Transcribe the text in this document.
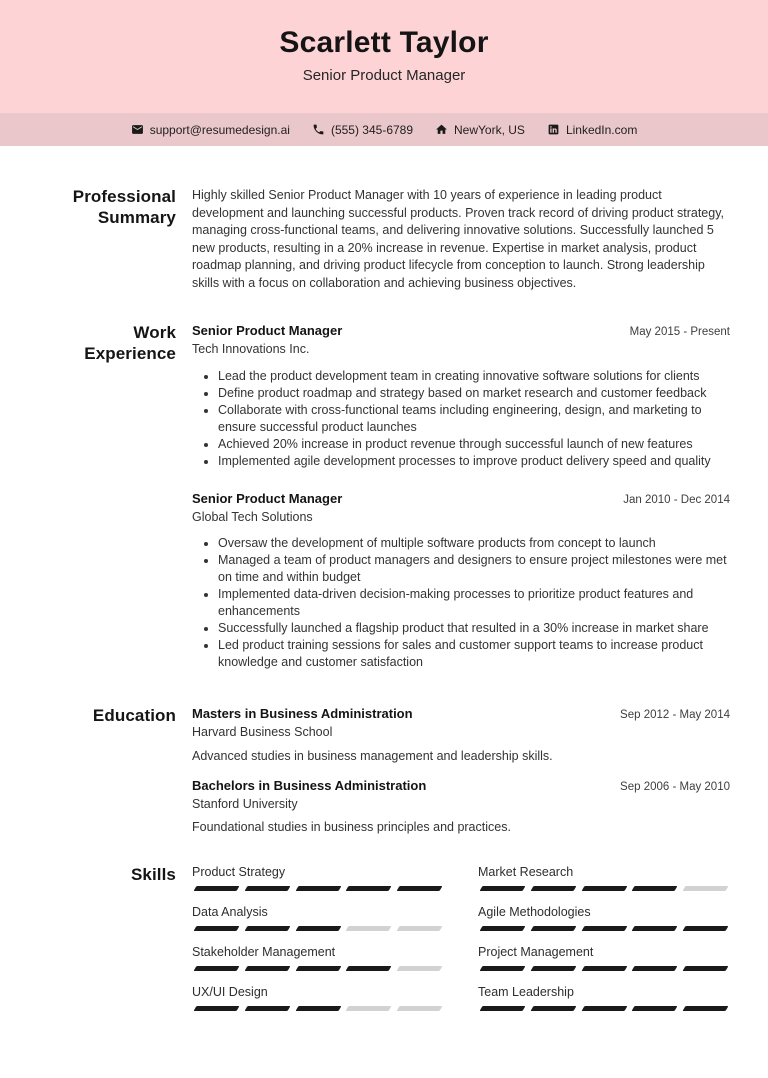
Scarlett Taylor
Senior Product Manager
support@resumedesign.ai	(555) 345-6789	NewYork, US	LinkedIn.com
Professional Summary

Highly skilled Senior Product Manager with 10 years of experience in leading product development and launching successful products. Proven track record of driving product strategy, managing cross-functional teams, and delivering innovative solutions. Successfully launched 5 new products, resulting in a 20% increase in revenue. Expertise in market analysis, product roadmap planning, and driving product lifecycle from conception to launch. Strong leadership skills with a focus on collaboration and achieving business objectives.

Work Experience
Senior Product Manager	May 2015 - Present
Tech Innovations Inc.
• Lead the product development team in creating innovative software solutions for clients
• Define product roadmap and strategy based on market research and customer feedback
• Collaborate with cross-functional teams including engineering, design, and marketing to ensure successful product launches
• Achieved 20% increase in product revenue through successful launch of new features
• Implemented agile development processes to improve product delivery speed and quality
Senior Product Manager	Jan 2010 - Dec 2014
Global Tech Solutions
• Oversaw the development of multiple software products from concept to launch
• Managed a team of product managers and designers to ensure project milestones were met on time and within budget
• Implemented data-driven decision-making processes to prioritize product features and enhancements
• Successfully launched a flagship product that resulted in a 30% increase in market share
• Led product training sessions for sales and customer support teams to increase product knowledge and customer satisfaction
Education Masters in Business Administration	Sep 2012 - May 2014
Harvard Business School
Advanced studies in business management and leadership skills.
Bachelors in Business Administration	Sep 2006 - May 2010
Stanford University
Foundational studies in business principles and practices.
Skills Product Strategy	Market Research
Data Analysis	Agile Methodologies
Stakeholder Management	Project Management
UX/UI Design	Team Leadership
